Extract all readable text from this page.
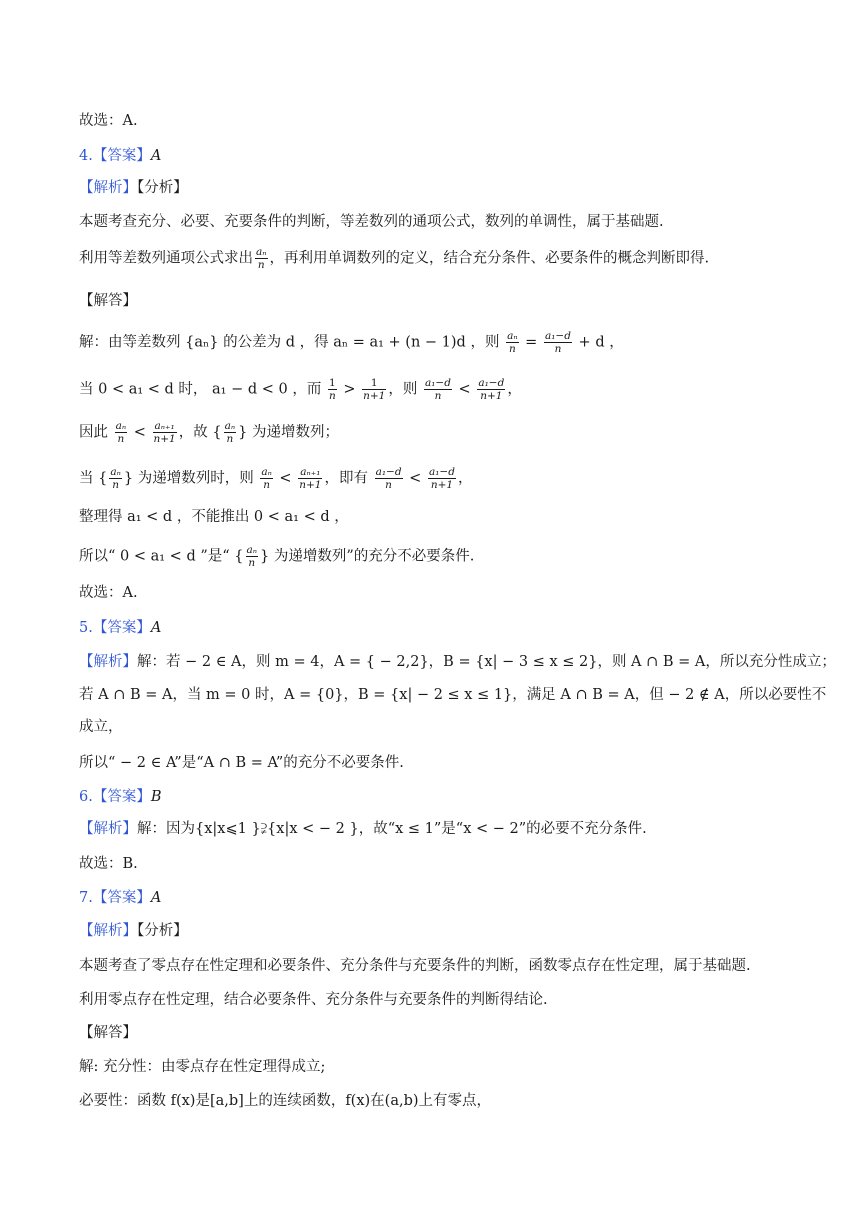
故选：A.
4.【答案】A
【解析】【分析】
本题考查充分、必要、充要条件的判断，等差数列的通项公式，数列的单调性，属于基础题.
利用等差数列通项公式求出 $\frac{\text{aₙ}}{n}$ ，再利用单调数列的定义，结合充分条件、必要条件的概念判断即得.
【解答】
解：由等差数列 {aₙ} 的公差为 d ，得 aₙ = a₁ + (n − 1)d ，则 $\frac{\text{aₙ}}{n} = \frac{\text{a₁−d}}{n} + d$ ，
当 0 < a₁ < d 时， a₁ − d < 0 ，而 $\frac{1}{n} > \frac{1}{n+1}$ ，则 $\frac{\text{a₁−d}}{n} < \frac{\text{a₁−d}}{n+1}$ ，
因此 $\frac{\text{aₙ}}{n} < \frac{\text{aₙ₊₁}}{n+1}$ ，故 { $\frac{\text{aₙ}}{n}$ } 为递增数列；
当 { $\frac{\text{aₙ}}{n}$ } 为递增数列时，则 $\frac{\text{aₙ}}{n} < \frac{\text{aₙ₊₁}}{n+1}$ ，即有 $\frac{\text{a₁−d}}{n} < \frac{\text{a₁−d}}{n+1}$ ，
整理得 a₁ < d ，不能推出 0 < a₁ < d ，
所以“ 0 < a₁ < d ”是“ { $\frac{\text{aₙ}}{n}$ } 为递增数列”的充分不必要条件.
故选：A.
5.【答案】A
【解析】解：若 − 2 ∈ A，则 m = 4，A = { − 2,2}，B = {x| − 3 ≤ x ≤ 2}，则 A ∩ B = A，所以充分性成立；
若 A ∩ B = A，当 m = 0 时，A = {0}，B = {x| − 2 ≤ x ≤ 1}，满足 A ∩ B = A，但 − 2 ∉ A，所以必要性不
成立，
所以“ − 2 ∈ A”是“A ∩ B = A”的充分不必要条件.
6.【答案】B
【解析】解：因为{x|x⩽1 }⫌{x|x < − 2 }，故“x ≤ 1”是“x < − 2”的必要不充分条件.
故选：B.
7.【答案】A
【解析】【分析】
本题考查了零点存在性定理和必要条件、充分条件与充要条件的判断，函数零点存在性定理，属于基础题.
利用零点存在性定理，结合必要条件、充分条件与充要条件的判断得结论.
【解答】
解: 充分性：由零点存在性定理得成立;
必要性：函数 f(x)是[a,b]上的连续函数，f(x)在(a,b)上有零点，
